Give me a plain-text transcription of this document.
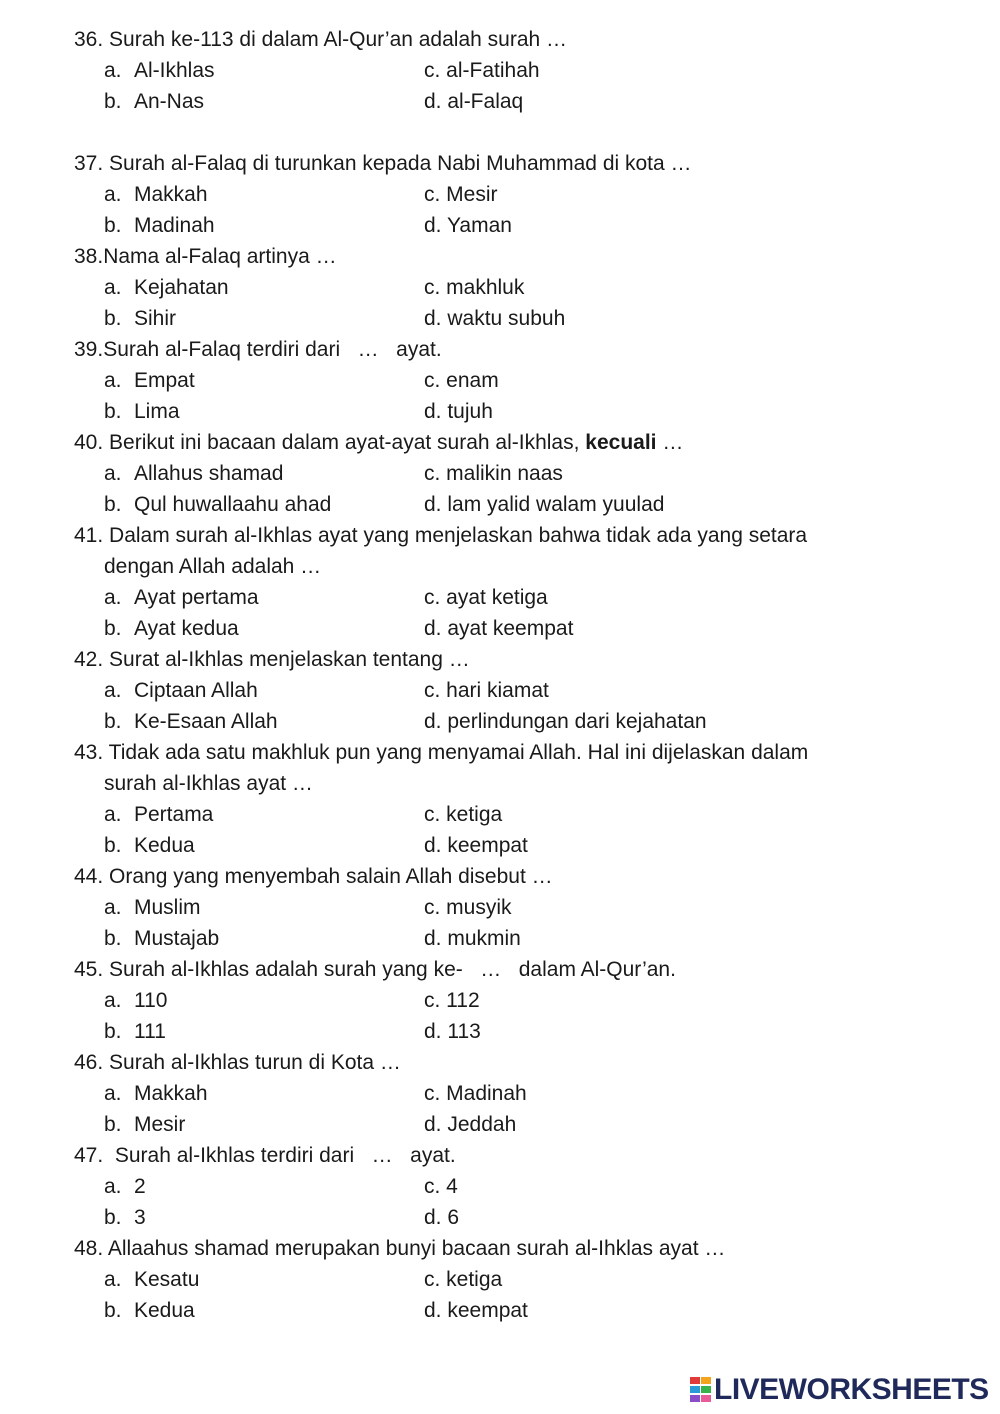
36. Surah ke-113 di dalam Al-Qur’an adalah surah …
a. Al-Ikhlas	c. al-Fatihah
b. An-Nas	d. al-Falaq
37. Surah al-Falaq di turunkan kepada Nabi Muhammad di kota …
a. Makkah	c. Mesir
b. Madinah	d. Yaman
38.Nama al-Falaq artinya …
a. Kejahatan	c. makhluk
b. Sihir	d. waktu subuh
39.Surah al-Falaq terdiri dari   …   ayat.
a. Empat	c. enam
b. Lima	d. tujuh
40. Berikut ini bacaan dalam ayat-ayat surah al-Ikhlas, kecuali …
a. Allahus shamad	c. malikin naas
b. Qul huwallaahu ahad	d. lam yalid walam yuulad
41. Dalam surah al-Ikhlas ayat yang menjelaskan bahwa tidak ada yang setara
dengan Allah adalah …
a. Ayat pertama	c. ayat ketiga
b. Ayat kedua	d. ayat keempat
42. Surat al-Ikhlas menjelaskan tentang …
a. Ciptaan Allah	c. hari kiamat
b. Ke-Esaan Allah	d. perlindungan dari kejahatan
43. Tidak ada satu makhluk pun yang menyamai Allah. Hal ini dijelaskan dalam
surah al-Ikhlas ayat …
a. Pertama	c. ketiga
b. Kedua	d. keempat
44. Orang yang menyembah salain Allah disebut …
a. Muslim	c. musyik
b. Mustajab	d. mukmin
45. Surah al-Ikhlas adalah surah yang ke-   …   dalam Al-Qur’an.
a. 110	c. 112
b. 111	d. 113
46. Surah al-Ikhlas turun di Kota …
a. Makkah	c. Madinah
b. Mesir	d. Jeddah
47.  Surah al-Ikhlas terdiri dari   …   ayat.
a. 2	c. 4
b. 3	d. 6
48. Allaahus shamad merupakan bunyi bacaan surah al-Ihklas ayat …
a. Kesatu	c. ketiga
b. Kedua	d. keempat
LIVEWORKSHEETS
